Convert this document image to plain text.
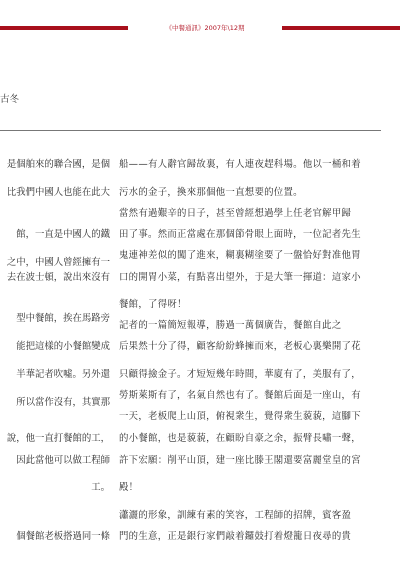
《中餐通訊》2007年\12期
古冬
是個舶來的聯合國，是個
比我們中國人也能在此大
館，一直是中國人的鐵
之中，中國人曾經擁有一
去在波士頓，說出來沒有
型中餐館，挨在馬路旁
能把這樣的小餐館變成
半華記者吹噓。另外還
所以當作沒有，其實那
說，他一直打餐館的工，
因此當他可以做工程師
工。
個餐館老板搭過同一條
船——有人辭官歸故裏，有人連夜趕科場。他以一桶和着
污水的金子，換來那個他一直想要的位置。
當然有過艱辛的日子，甚至曾經想過學上任老官解甲歸
田了事。然而正當處在那個節骨眼上面時，一位記者先生
鬼連神差似的闖了進來，糊裏糊塗要了一盤恰好對准他胃
口的開胃小菜，有點喜出望外，于是大筆一揮道：這家小
餐館，了得呀！
記者的一篇簡短報導，勝過一萬個廣告，餐館自此之
后果然十分了得，顧客紛紛蜂擁而來，老板心裏樂開了花
只顧得撿金子。才短短幾年時間，華廈有了，美服有了，
勞斯萊斯有了，名氣自然也有了。餐館后面是一座山，有
一天，老板爬上山頂，俯視衆生，覺得衆生藐藐，這腳下
的小餐館，也是藐藐，在顧盼自豪之余，振臂長嘯一聲，
許下宏願：削平山頂，建一座比滕王閣還要富麗堂皇的宮
殿！
瀟灑的形象，訓練有素的笑容，工程師的招牌，賓客盈
門的生意，正是銀行家們敲着鑼鼓打着燈籠日夜尋的貴
